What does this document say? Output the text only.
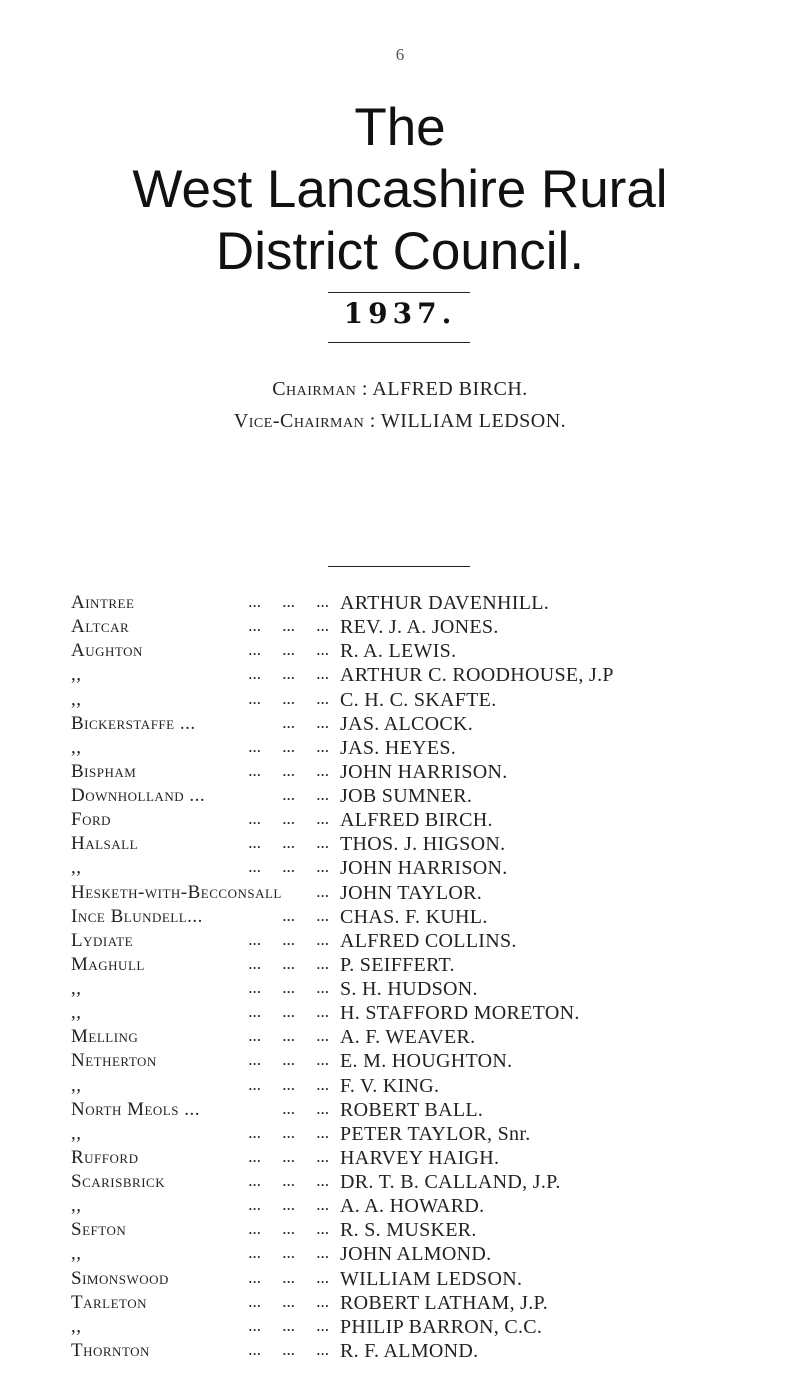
6
The
West Lancashire Rural
District Council.
1937.
Chairman : ALFRED BIRCH.
Vice-Chairman : WILLIAM LEDSON.
Aintree	...     ...     ... ARTHUR DAVENHILL.
Altcar	...     ...     ... REV. J. A. JONES.
Aughton	...     ...     ... R. A. LEWIS.
,,	...     ...     ... ARTHUR C. ROODHOUSE, J.P
,,	...     ...     ... C. H. C. SKAFTE.
Bickerstaffe ...	...     ... JAS. ALCOCK.
,,	...     ...     ... JAS. HEYES.
Bispham	...     ...     ... JOHN HARRISON.
Downholland ...	...     ... JOB SUMNER.
Ford	...     ...     ... ALFRED BIRCH.
Halsall	...     ...     ... THOS. J. HIGSON.
,,	...     ...     ... JOHN HARRISON.
Hesketh-with-Becconsall ... JOHN TAYLOR.
Ince Blundell...	...     ... CHAS. F. KUHL.
Lydiate	...     ...     ... ALFRED COLLINS.
Maghull	...     ...     ... P. SEIFFERT.
,,	...     ...     ... S. H. HUDSON.
,,	...     ...     ... H. STAFFORD MORETON.
Melling	...     ...     ... A. F. WEAVER.
Netherton	...     ...     ... E. M. HOUGHTON.
,,	...     ...     ... F. V. KING.
North Meols ...	...     ... ROBERT BALL.
,,	...     ...     ... PETER TAYLOR, Snr.
Rufford	...     ...     ... HARVEY HAIGH.
Scarisbrick	...     ...     ... DR. T. B. CALLAND, J.P.
,,	...     ...     ... A. A. HOWARD.
Sefton	...     ...     ... R. S. MUSKER.
,,	...     ...     ... JOHN ALMOND.
Simonswood	...     ...     ... WILLIAM LEDSON.
Tarleton	...     ...     ... ROBERT LATHAM, J.P.
,,	...     ...     ... PHILIP BARRON, C.C.
Thornton	...     ...     ... R. F. ALMOND.
